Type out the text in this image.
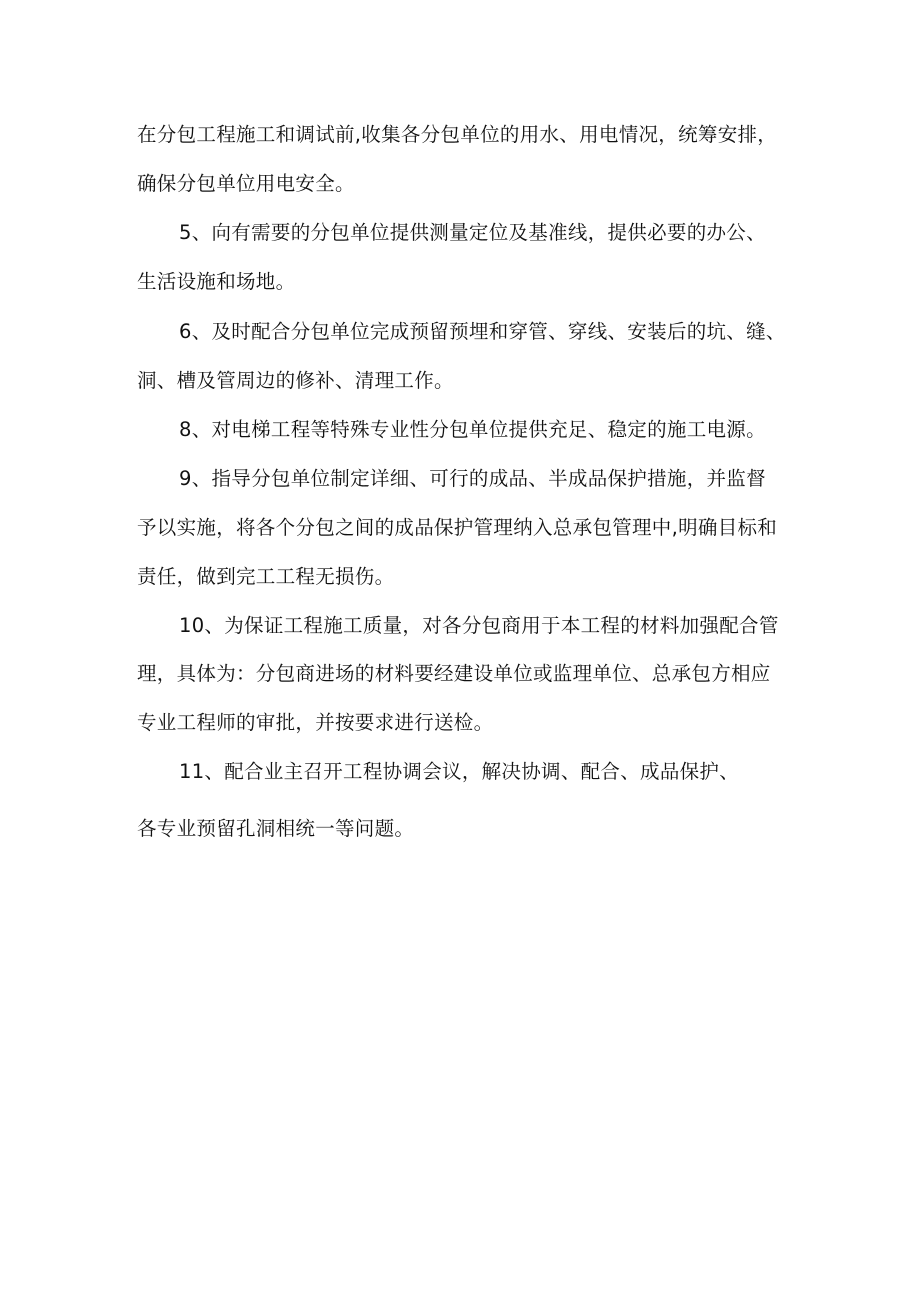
在分包工程施工和调试前,收集各分包单位的用水、用电情况，统筹安排，
确保分包单位用电安全。
5、向有需要的分包单位提供测量定位及基准线，提供必要的办公、
生活设施和场地。
6、及时配合分包单位完成预留预埋和穿管、穿线、安装后的坑、缝、
洞、槽及管周边的修补、清理工作。
8、对电梯工程等特殊专业性分包单位提供充足、稳定的施工电源。
9、指导分包单位制定详细、可行的成品、半成品保护措施，并监督
予以实施，将各个分包之间的成品保护管理纳入总承包管理中,明确目标和
责任，做到完工工程无损伤。
10、为保证工程施工质量，对各分包商用于本工程的材料加强配合管
理，具体为：分包商进场的材料要经建设单位或监理单位、总承包方相应
专业工程师的审批，并按要求进行送检。
11、配合业主召开工程协调会议，解决协调、配合、成品保护、
各专业预留孔洞相统一等问题。
